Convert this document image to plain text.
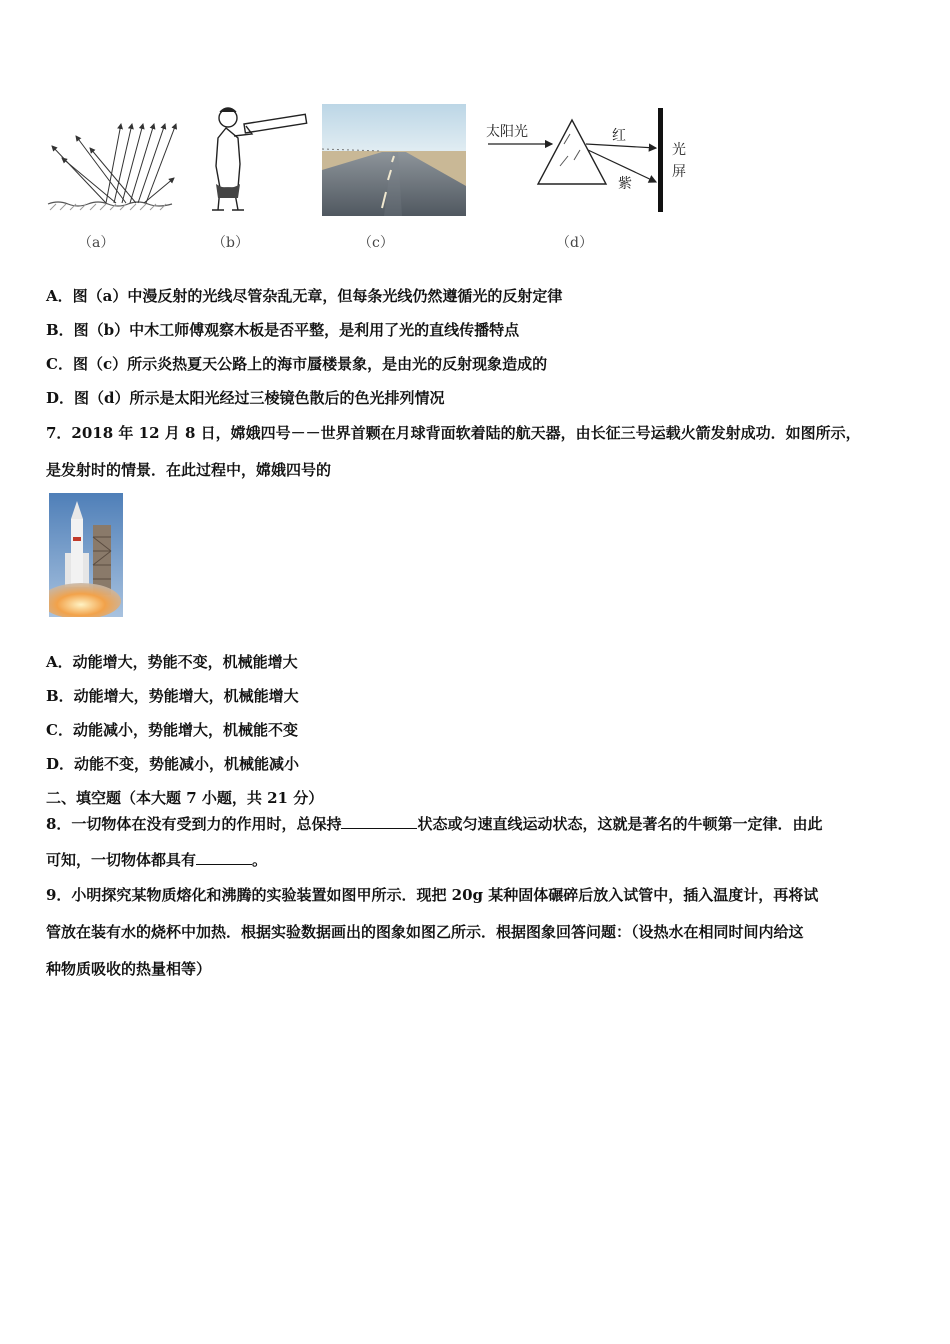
太阳光	红
紫
光
屏
（a）	（b）	（c）	（d）
A．图（a）中漫反射的光线尽管杂乱无章，但每条光线仍然遵循光的反射定律
B．图（b）中木工师傅观察木板是否平整，是利用了光的直线传播特点
C．图（c）所示炎热夏天公路上的海市蜃楼景象，是由光的反射现象造成的
D．图（d）所示是太阳光经过三棱镜色散后的色光排列情况
7．2018 年 12 月 8 日，嫦娥四号－－世界首颗在月球背面软着陆的航天器，由长征三号运载火箭发射成功．如图所示，
是发射时的情景．在此过程中，嫦娥四号的
A．动能增大，势能不变，机械能增大
B．动能增大，势能增大，机械能增大
C．动能减小，势能增大，机械能不变
D．动能不变，势能减小，机械能减小
二、填空题（本大题 7 小题，共 21 分）
8．一切物体在没有受到力的作用时，总保持	状态或匀速直线运动状态，这就是著名的牛顿第一定律．由此
可知，一切物体都具有	。
9．小明探究某物质熔化和沸腾的实验装置如图甲所示．现把 20g 某种固体碾碎后放入试管中，插入温度计，再将试
管放在装有水的烧杯中加热．根据实验数据画出的图象如图乙所示．根据图象回答问题：（设热水在相同时间内给这
种物质吸收的热量相等）
